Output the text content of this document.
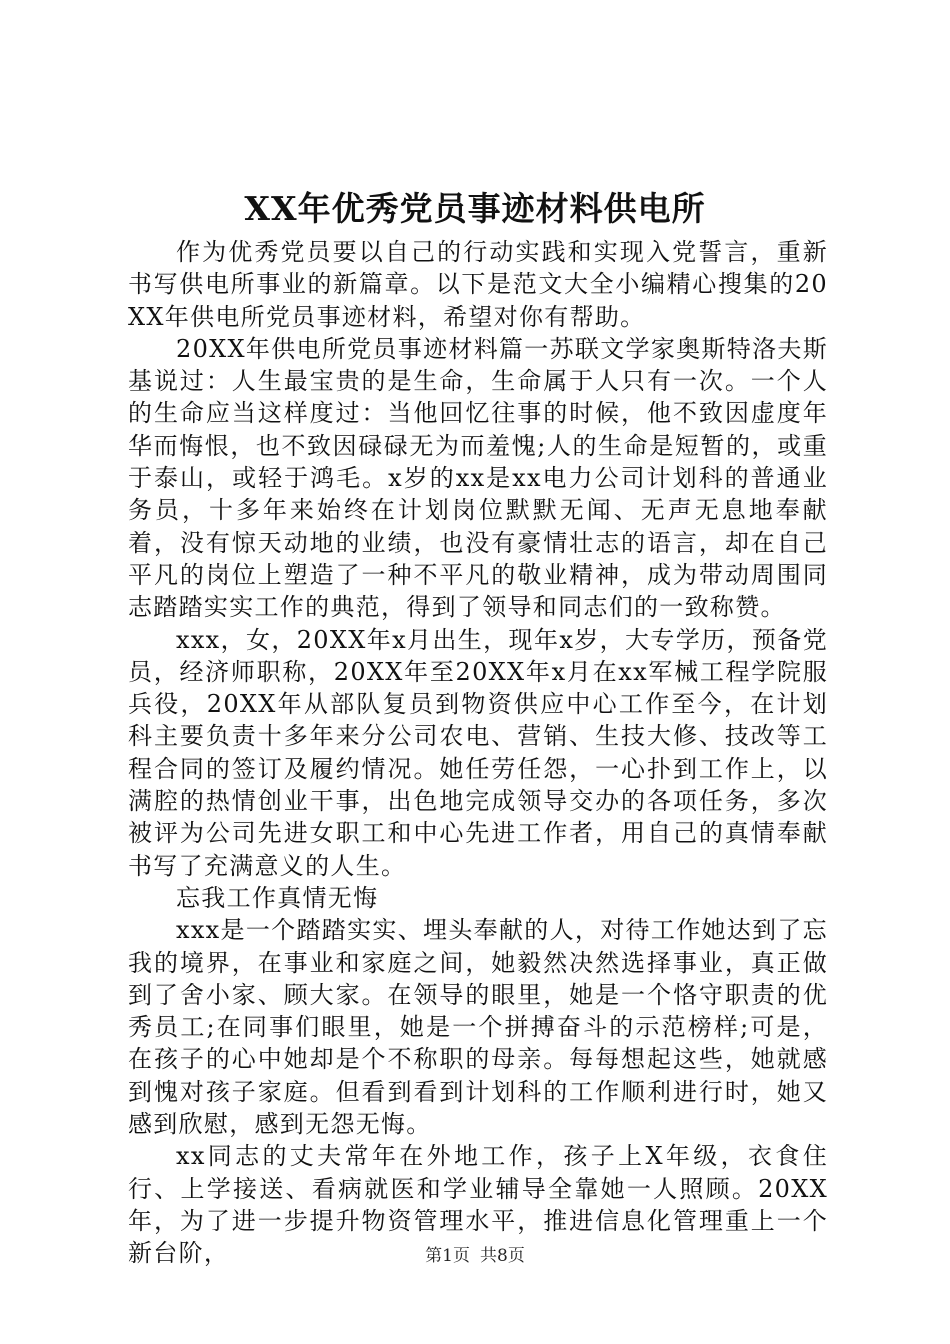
XX年优秀党员事迹材料供电所

作为优秀党员要以自己的行动实践和实现入党誓言，重新书写供电所事业的新篇章。以下是范文大全小编精心搜集的20XX年供电所党员事迹材料，希望对你有帮助。

20XX年供电所党员事迹材料篇一苏联文学家奥斯特洛夫斯基说过：人生最宝贵的是生命，生命属于人只有一次。一个人的生命应当这样度过：当他回忆往事的时候，他不致因虚度年华而悔恨，也不致因碌碌无为而羞愧;人的生命是短暂的，或重于泰山，或轻于鸿毛。x岁的xx是xx电力公司计划科的普通业务员，十多年来始终在计划岗位默默无闻、无声无息地奉献着，没有惊天动地的业绩，也没有豪情壮志的语言，却在自己平凡的岗位上塑造了一种不平凡的敬业精神，成为带动周围同志踏踏实实工作的典范，得到了领导和同志们的一致称赞。

xxx，女，20XX年x月出生，现年x岁，大专学历，预备党员，经济师职称，20XX年至20XX年x月在xx军械工程学院服兵役，20XX年从部队复员到物资供应中心工作至今，在计划科主要负责十多年来分公司农电、营销、生技大修、技改等工程合同的签订及履约情况。她任劳任怨，一心扑到工作上，以满腔的热情创业干事，出色地完成领导交办的各项任务，多次被评为公司先进女职工和中心先进工作者，用自己的真情奉献书写了充满意义的人生。

忘我工作真情无悔

xxx是一个踏踏实实、埋头奉献的人，对待工作她达到了忘我的境界，在事业和家庭之间，她毅然决然选择事业，真正做到了舍小家、顾大家。在领导的眼里，她是一个恪守职责的优秀员工;在同事们眼里，她是一个拼搏奋斗的示范榜样;可是，在孩子的心中她却是个不称职的母亲。每每想起这些，她就感到愧对孩子家庭。但看到看到计划科的工作顺利进行时，她又感到欣慰，感到无怨无悔。

xx同志的丈夫常年在外地工作，孩子上X年级，衣食住行、上学接送、看病就医和学业辅导全靠她一人照顾。20XX年，为了进一步提升物资管理水平，推进信息化管理重上一个新台阶，	第1页 共8页
